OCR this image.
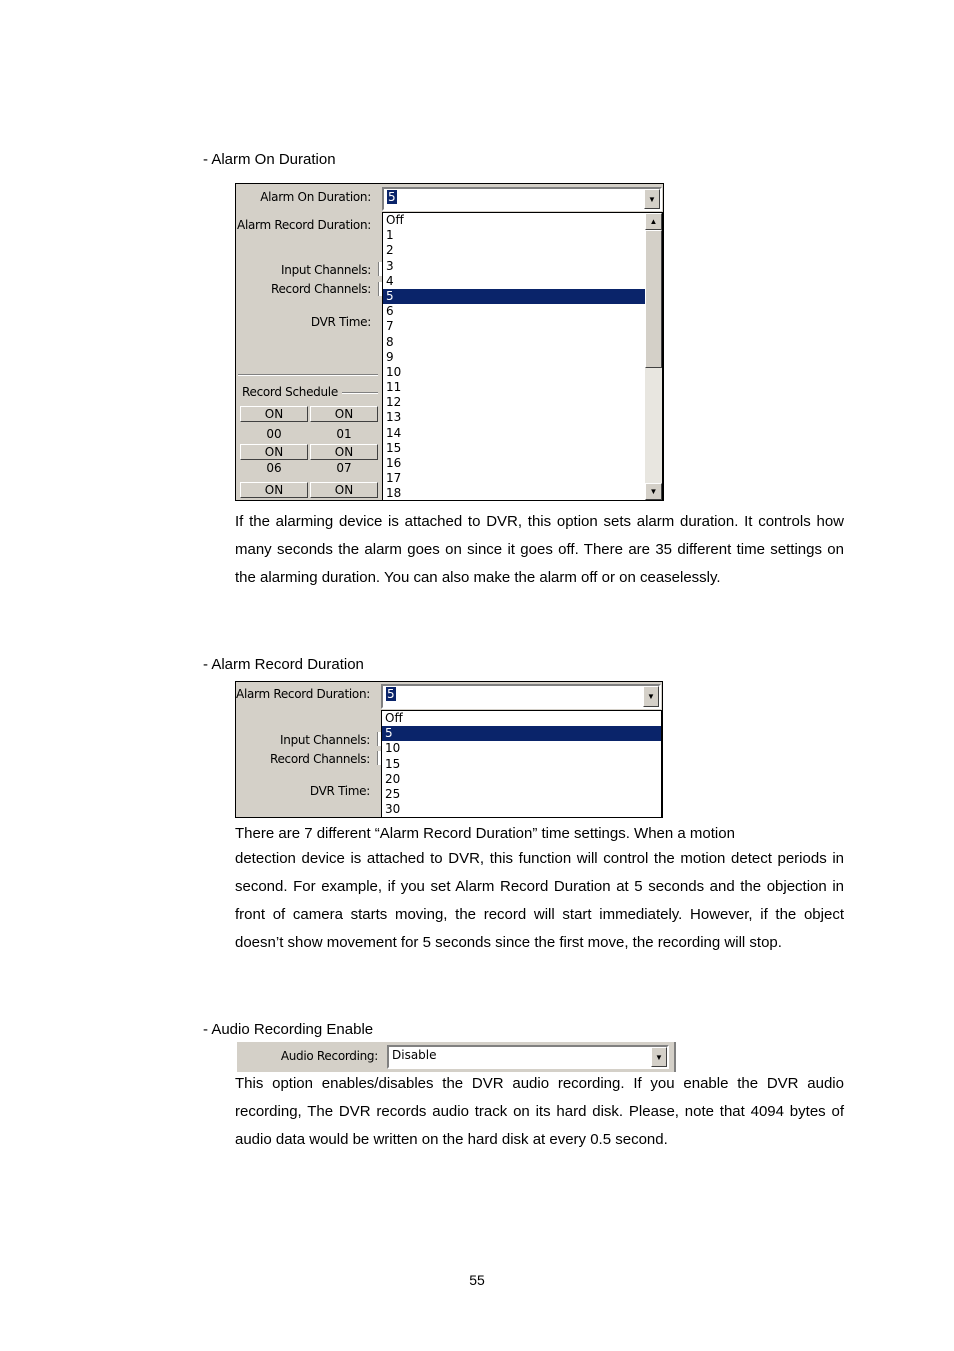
- Alarm On Duration
Alarm On Duration: 5	▼
Alarm Record Duration:
Input Channels:
Record Channels:
DVR Time:
Record Schedule
ON	ON
00	01
ON	ON
06	07
ON	ON
Off
1
2
3
4
5
6
7
8
9
10
11
12
13
14
15
16
17
18
▲
▼
If the alarming device is attached to DVR, this option sets alarm duration. It controls how many seconds the alarm goes on since it goes off. There are 35 different time settings on the alarming duration. You can also make the alarm off or on ceaselessly.
- Alarm Record Duration
Alarm Record Duration: 5	▼
Input Channels:
Record Channels:
DVR Time:
Off
5
10
15
20
25
30
There are 7 different “Alarm Record Duration” time settings. When a motion
detection device is attached to DVR, this function will control the motion detect periods in second. For example, if you set Alarm Record Duration at 5 seconds and the objection in front of camera starts moving, the record will start immediately. However, if the object doesn’t show movement for 5 seconds since the first move, the recording will stop.
- Audio Recording Enable
Audio Recording: Disable	▼
This option enables/disables the DVR audio recording. If you enable the DVR audio recording, The DVR records audio track on its hard disk. Please, note that 4094 bytes of audio data would be written on the hard disk at every 0.5 second.
55
